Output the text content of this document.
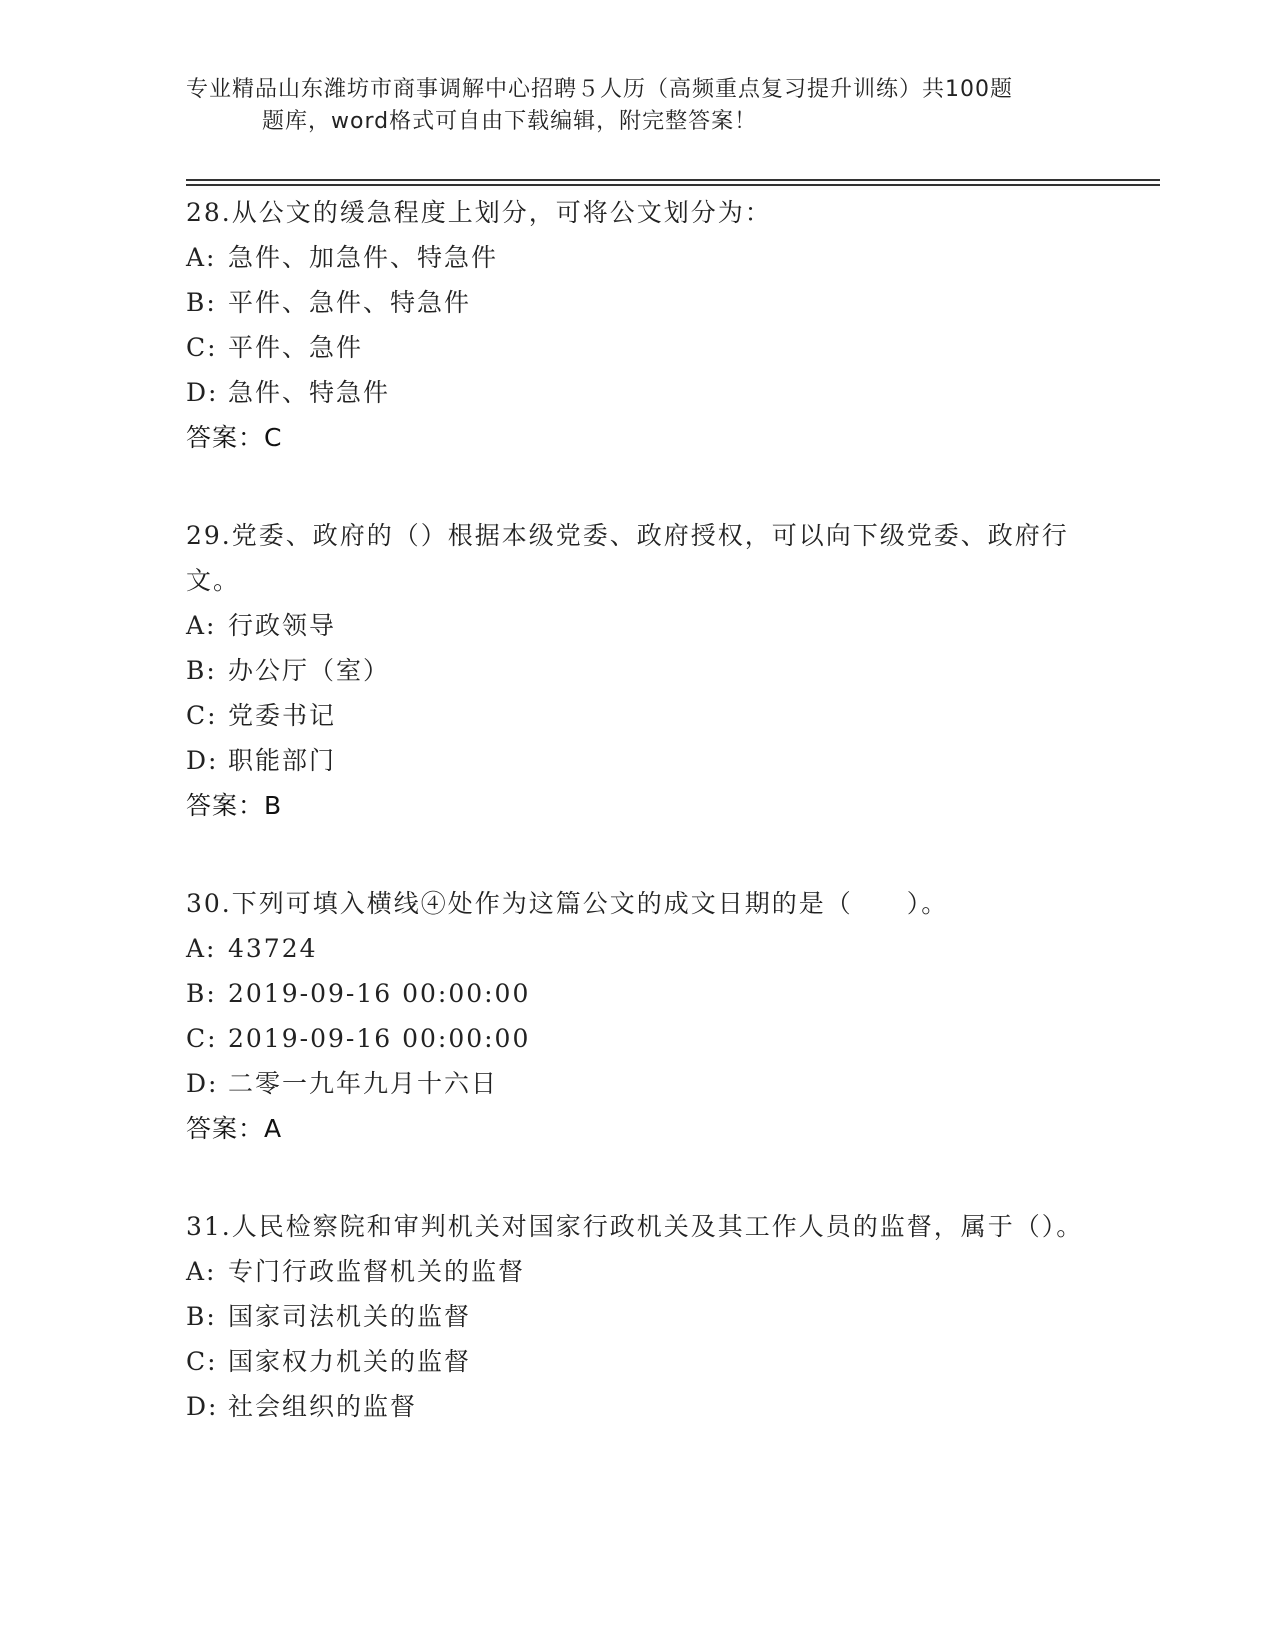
专业精品山东潍坊市商事调解中心招聘５人历（高频重点复习提升训练）共100题
题库，word格式可自由下载编辑，附完整答案！
28.从公文的缓急程度上划分，可将公文划分为：
A: 急件、加急件、特急件
B: 平件、急件、特急件
C: 平件、急件
D: 急件、特急件
答案：C
29.党委、政府的（）根据本级党委、政府授权，可以向下级党委、政府行文。
A: 行政领导
B: 办公厅（室）
C: 党委书记
D: 职能部门
答案：B
30.下列可填入横线④处作为这篇公文的成文日期的是（　　）。
A: 43724
B: 2019-09-16 00:00:00
C: 2019-09-16 00:00:00
D: 二零一九年九月十六日
答案：A
31.人民检察院和审判机关对国家行政机关及其工作人员的监督，属于（）。
A: 专门行政监督机关的监督
B: 国家司法机关的监督
C: 国家权力机关的监督
D: 社会组织的监督
